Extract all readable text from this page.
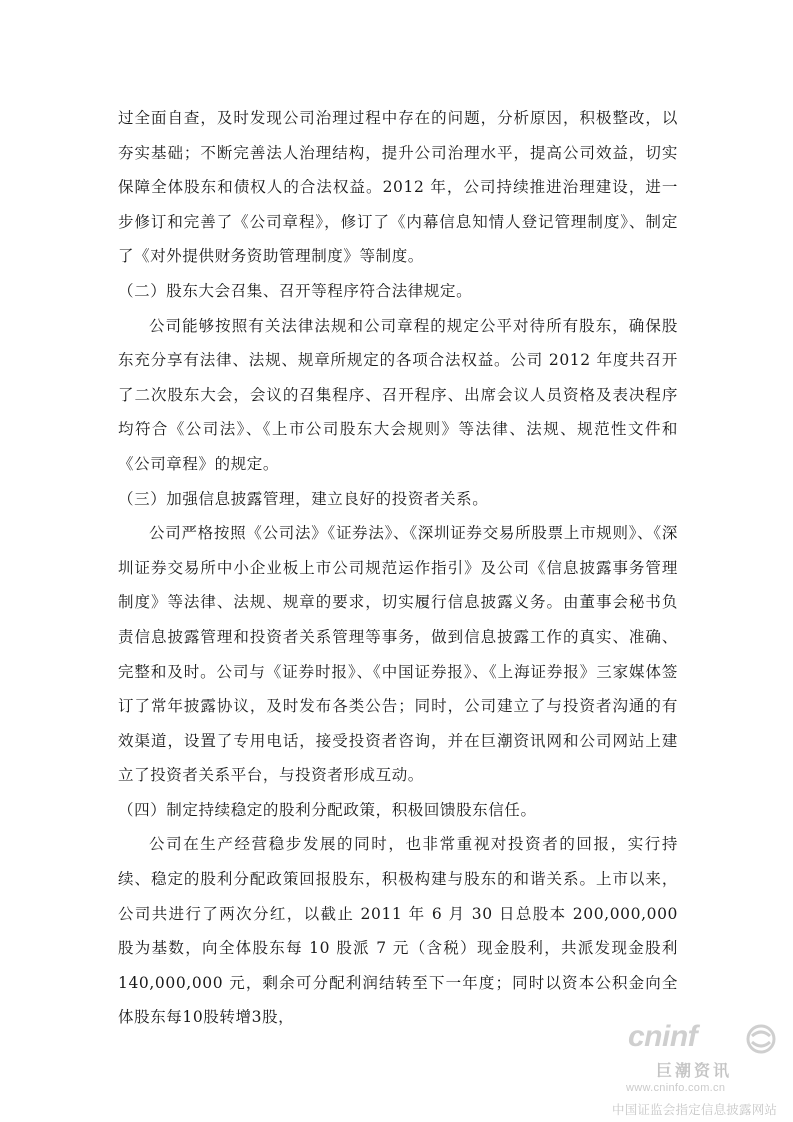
过全面自查，及时发现公司治理过程中存在的问题，分析原因，积极整改，以夯实基础；不断完善法人治理结构，提升公司治理水平，提高公司效益，切实保障全体股东和债权人的合法权益。2012 年，公司持续推进治理建设，进一步修订和完善了《公司章程》，修订了《内幕信息知情人登记管理制度》、制定了《对外提供财务资助管理制度》等制度。

（二）股东大会召集、召开等程序符合法律规定。

公司能够按照有关法律法规和公司章程的规定公平对待所有股东，确保股东充分享有法律、法规、规章所规定的各项合法权益。公司 2012 年度共召开了二次股东大会，会议的召集程序、召开程序、出席会议人员资格及表决程序均符合《公司法》、《上市公司股东大会规则》等法律、法规、规范性文件和《公司章程》的规定。

（三）加强信息披露管理，建立良好的投资者关系。

公司严格按照《公司法》《证券法》、《深圳证券交易所股票上市规则》、《深圳证券交易所中小企业板上市公司规范运作指引》及公司《信息披露事务管理制度》等法律、法规、规章的要求，切实履行信息披露义务。由董事会秘书负责信息披露管理和投资者关系管理等事务，做到信息披露工作的真实、准确、完整和及时。公司与《证券时报》、《中国证券报》、《上海证券报》三家媒体签订了常年披露协议，及时发布各类公告；同时，公司建立了与投资者沟通的有效渠道，设置了专用电话，接受投资者咨询，并在巨潮资讯网和公司网站上建立了投资者关系平台，与投资者形成互动。

（四）制定持续稳定的股利分配政策，积极回馈股东信任。

公司在生产经营稳步发展的同时，也非常重视对投资者的回报，实行持续、稳定的股利分配政策回报股东，积极构建与股东的和谐关系。上市以来，公司共进行了两次分红，以截止 2011 年 6 月 30 日总股本 200,000,000 股为基数，向全体股东每 10 股派 7 元（含税）现金股利，共派发现金股利 140,000,000 元，剩余可分配利润结转至下一年度；同时以资本公积金向全体股东每10股转增3股，

cninf
巨潮资讯
www.cninfo.com.cn
中国证监会指定信息披露网站
